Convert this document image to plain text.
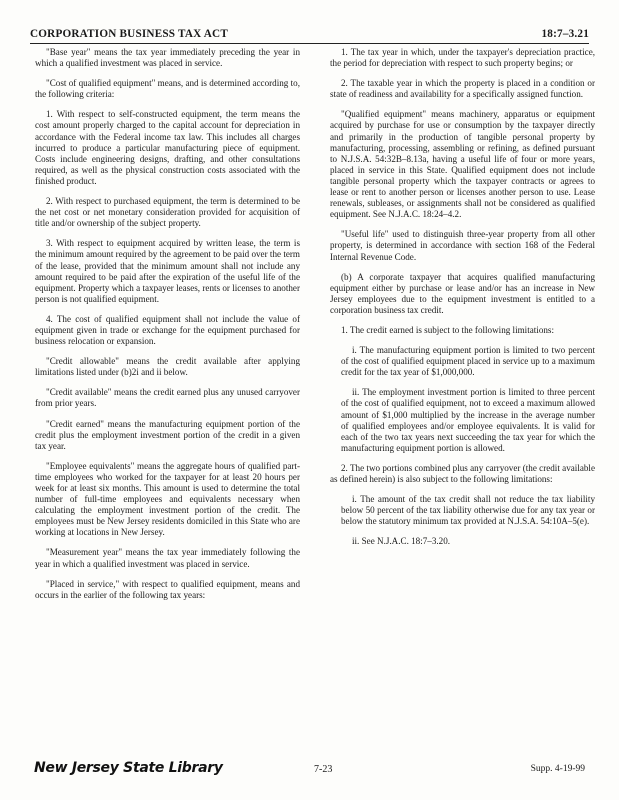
CORPORATION BUSINESS TAX ACT	18:7–3.21

"Base year" means the tax year immediately preceding the year in which a qualified investment was placed in service.

"Cost of qualified equipment" means, and is determined according to, the following criteria:

1. With respect to self-constructed equipment, the term means the cost amount properly charged to the capital account for depreciation in accordance with the Federal income tax law. This includes all charges incurred to produce a particular manufacturing piece of equipment. Costs include engineering designs, drafting, and other consultations required, as well as the physical construction costs associated with the finished product.

2. With respect to purchased equipment, the term is determined to be the net cost or net monetary consideration provided for acquisition of title and/or ownership of the subject property.

3. With respect to equipment acquired by written lease, the term is the minimum amount required by the agreement to be paid over the term of the lease, provided that the minimum amount shall not include any amount required to be paid after the expiration of the useful life of the equipment. Property which a taxpayer leases, rents or licenses to another person is not qualified equipment.

4. The cost of qualified equipment shall not include the value of equipment given in trade or exchange for the equipment purchased for business relocation or expansion.

"Credit allowable" means the credit available after applying limitations listed under (b)2i and ii below.

"Credit available" means the credit earned plus any unused carryover from prior years.

"Credit earned" means the manufacturing equipment portion of the credit plus the employment investment portion of the credit in a given tax year.

"Employee equivalents" means the aggregate hours of qualified part-time employees who worked for the taxpayer for at least 20 hours per week for at least six months. This amount is used to determine the total number of full-time employees and equivalents necessary when calculating the employment investment portion of the credit. The employees must be New Jersey residents domiciled in this State who are working at locations in New Jersey.

"Measurement year" means the tax year immediately following the year in which a qualified investment was placed in service.

"Placed in service," with respect to qualified equipment, means and occurs in the earlier of the following tax years:

1. The tax year in which, under the taxpayer's depreciation practice, the period for depreciation with respect to such property begins; or

2. The taxable year in which the property is placed in a condition or state of readiness and availability for a specifically assigned function.

"Qualified equipment" means machinery, apparatus or equipment acquired by purchase for use or consumption by the taxpayer directly and primarily in the production of tangible personal property by manufacturing, processing, assembling or refining, as defined pursuant to N.J.S.A. 54:32B–8.13a, having a useful life of four or more years, placed in service in this State. Qualified equipment does not include tangible personal property which the taxpayer contracts or agrees to lease or rent to another person or licenses another person to use. Lease renewals, subleases, or assignments shall not be considered as qualified equipment. See N.J.A.C. 18:24–4.2.

"Useful life" used to distinguish three-year property from all other property, is determined in accordance with section 168 of the Federal Internal Revenue Code.

(b) A corporate taxpayer that acquires qualified manufacturing equipment either by purchase or lease and/or has an increase in New Jersey employees due to the equipment investment is entitled to a corporation business tax credit.

1. The credit earned is subject to the following limitations:

i. The manufacturing equipment portion is limited to two percent of the cost of qualified equipment placed in service up to a maximum credit for the tax year of $1,000,000.

ii. The employment investment portion is limited to three percent of the cost of qualified equipment, not to exceed a maximum allowed amount of $1,000 multiplied by the increase in the average number of qualified employees and/or employee equivalents. It is valid for each of the two tax years next succeeding the tax year for which the manufacturing equipment portion is allowed.

2. The two portions combined plus any carryover (the credit available as defined herein) is also subject to the following limitations:

i. The amount of the tax credit shall not reduce the tax liability below 50 percent of the tax liability otherwise due for any tax year or below the statutory minimum tax provided at N.J.S.A. 54:10A–5(e).

ii. See N.J.A.C. 18:7–3.20.

New Jersey State Library	7-23	Supp. 4-19-99
